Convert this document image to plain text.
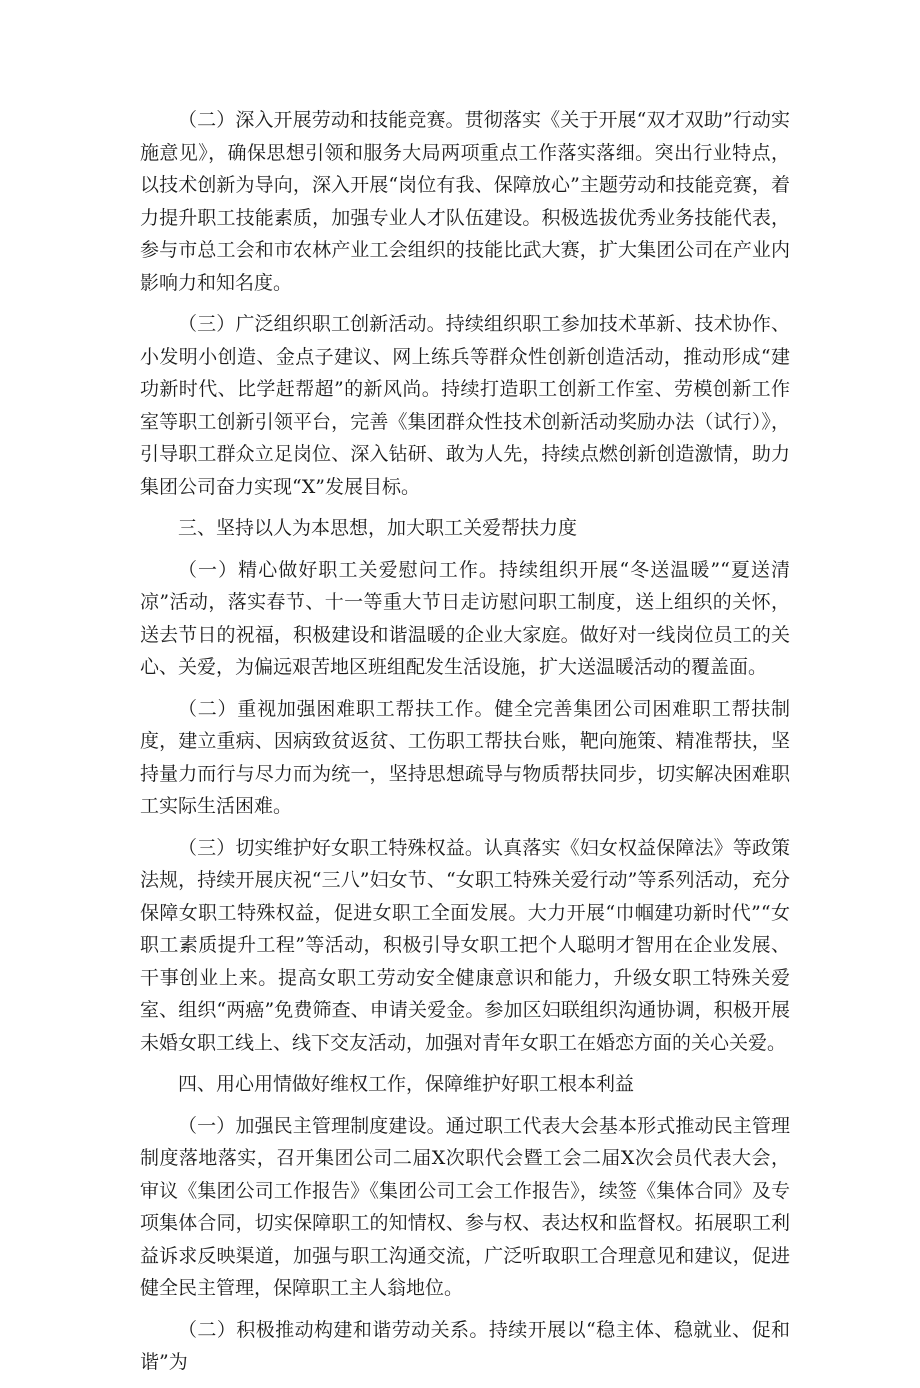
（二）深入开展劳动和技能竞赛。贯彻落实《关于开展“双才双助”行动实施意见》，确保思想引领和服务大局两项重点工作落实落细。突出行业特点，以技术创新为导向，深入开展“岗位有我、保障放心”主题劳动和技能竞赛，着力提升职工技能素质，加强专业人才队伍建设。积极选拔优秀业务技能代表，参与市总工会和市农林产业工会组织的技能比武大赛，扩大集团公司在产业内影响力和知名度。

（三）广泛组织职工创新活动。持续组织职工参加技术革新、技术协作、小发明小创造、金点子建议、网上练兵等群众性创新创造活动，推动形成“建功新时代、比学赶帮超”的新风尚。持续打造职工创新工作室、劳模创新工作室等职工创新引领平台，完善《集团群众性技术创新活动奖励办法（试行）》，引导职工群众立足岗位、深入钻研、敢为人先，持续点燃创新创造激情，助力集团公司奋力实现“X”发展目标。

三、坚持以人为本思想，加大职工关爱帮扶力度

（一）精心做好职工关爱慰问工作。持续组织开展“冬送温暖”“夏送清凉”活动，落实春节、十一等重大节日走访慰问职工制度，送上组织的关怀，送去节日的祝福，积极建设和谐温暖的企业大家庭。做好对一线岗位员工的关心、关爱，为偏远艰苦地区班组配发生活设施，扩大送温暖活动的覆盖面。

（二）重视加强困难职工帮扶工作。健全完善集团公司困难职工帮扶制度，建立重病、因病致贫返贫、工伤职工帮扶台账，靶向施策、精准帮扶，坚持量力而行与尽力而为统一，坚持思想疏导与物质帮扶同步，切实解决困难职工实际生活困难。

（三）切实维护好女职工特殊权益。认真落实《妇女权益保障法》等政策法规，持续开展庆祝“三八”妇女节、“女职工特殊关爱行动”等系列活动，充分保障女职工特殊权益，促进女职工全面发展。大力开展“巾帼建功新时代”“女职工素质提升工程”等活动，积极引导女职工把个人聪明才智用在企业发展、干事创业上来。提高女职工劳动安全健康意识和能力，升级女职工特殊关爱室、组织“两癌”免费筛查、申请关爱金。参加区妇联组织沟通协调，积极开展未婚女职工线上、线下交友活动，加强对青年女职工在婚恋方面的关心关爱。

四、用心用情做好维权工作，保障维护好职工根本利益

（一）加强民主管理制度建设。通过职工代表大会基本形式推动民主管理制度落地落实，召开集团公司二届X次职代会暨工会二届X次会员代表大会，审议《集团公司工作报告》《集团公司工会工作报告》，续签《集体合同》及专项集体合同，切实保障职工的知情权、参与权、表达权和监督权。拓展职工利益诉求反映渠道，加强与职工沟通交流，广泛听取职工合理意见和建议，促进健全民主管理，保障职工主人翁地位。

（二）积极推动构建和谐劳动关系。持续开展以“稳主体、稳就业、促和谐”为
